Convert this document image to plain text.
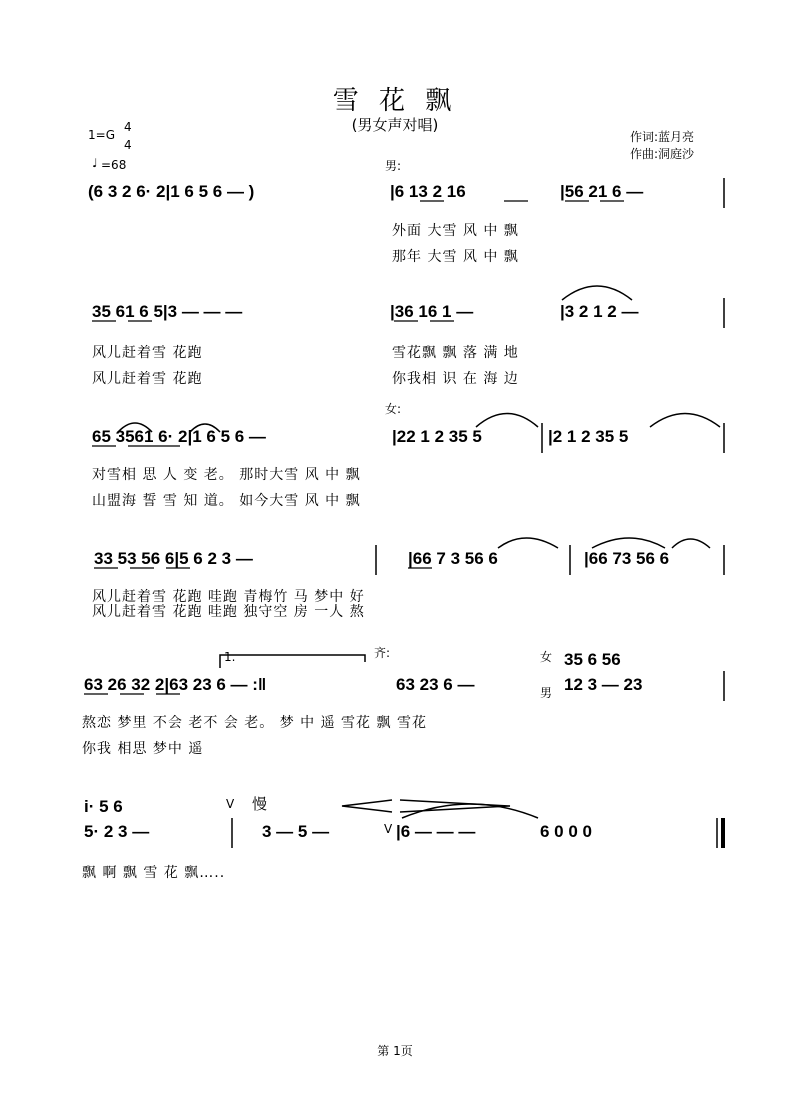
雪 花 飘
(男女声对唱)
作词:蓝月亮
作曲:洞庭沙
1=G
4
4
♩ =68	男:
(6 3 2 6· 2|1 6 5 6 — )	|6 13 2 16	|56 21 6 —
外面 大雪 风 中 飘
那年 大雪 风 中 飘
35 61 6 5|3 — — —	|36 16 1 —	|3 2 1 2 —
风儿赶着雪 花跑	雪花飘 飘 落 满 地
风儿赶着雪 花跑	你我相 识 在 海 边
女:
65 3561 6· 2|1 6 5 6 —	|22 1 2 35 5	|2 1 2 35 5
对雪相 思 人 变 老。 那时大雪 风 中 飘
山盟海 誓 雪 知 道。 如今大雪 风 中 飘
33 53 56 6|5 6 2 3 —	|66 7 3 56 6	|66 73 56 6
风儿赶着雪 花跑 哇跑 青梅竹 马 梦中 好
风儿赶着雪 花跑 哇跑 独守空 房 一人 熬
1.	齐:	女
男
35 6 56
63 26 32 2|63 23 6 — :‖	63 23 6 —	12 3 — 23
熬恋 梦里 不会 老不 会 老。 梦 中 遥 雪花 飘 雪花
你我 相思 梦中 遥
i· 5 6	V 慢
5· 2 3 —	3 — 5 —	V |6 — — —	6 0 0 0
飘 啊 飘 雪 花 飘…..
第 1页
